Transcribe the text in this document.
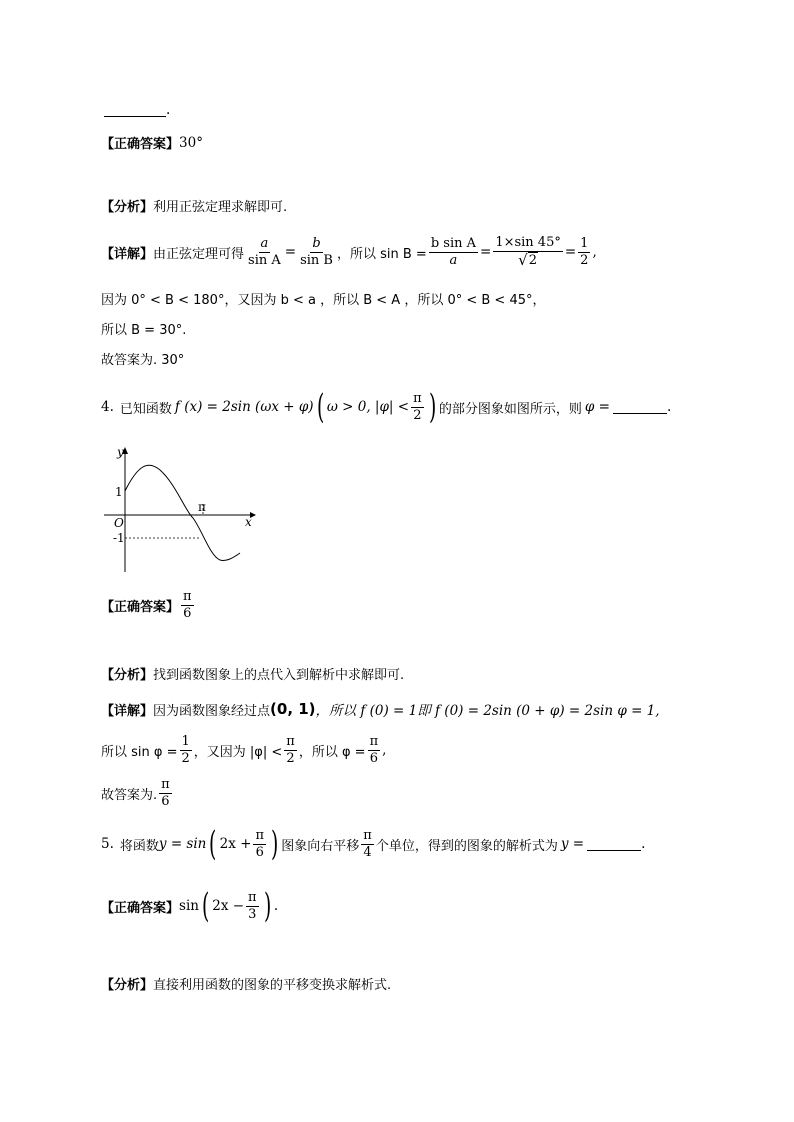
.
【正确答案】 30°
【分析】 利用正弦定理求解即可.
【详解】 由正弦定理可得 $\frac{a}{\text{sin A}} = \frac{b}{\text{sin B}}$ ，所以 $\sin B = \frac{\text{b sin A}}{a} = \frac{1\times\sin 45^\circ}{√ 2} = \frac{1}{2}$ ,
因为 0° < B < 180°，又因为 b < a ，所以 B < A ，所以 0° < B < 45°，
所以 B = 30°.
故答案为. 30°
4. 已知函数 f (x) = 2sin (ωx + φ) ( ω > 0, $|\varphi| < \frac{\pi}{2}$ ) 的部分图象如图所示，则 φ =	.
y
x
O
1
-1
π
【正确答案】 $\frac{\pi}{6}$
【分析】 找到函数图象上的点代入到解析中求解即可.
【详解】 因为函数图象经过点 (0, 1) ，所以 f (0) = 1即 f (0) = 2sin (0 + φ) = 2sin φ = 1,
所以 $\sin \varphi = \frac{1}{2}$ ，又因为 $|\varphi| < \frac{\pi}{2}$ ，所以 $\varphi = \frac{\pi}{6}$ ,
故答案为. $\frac{\pi}{6}$
5. 将函数 y = sin ( $2x + \frac{\pi}{6}$ ) 图象向右平移 $\frac{\pi}{4}$ 个单位，得到的图象的解析式为 y =	.
【正确答案】 sin ( $2x - \frac{\pi}{3}$ ) .
【分析】 直接利用函数的图象的平移变换求解析式.
